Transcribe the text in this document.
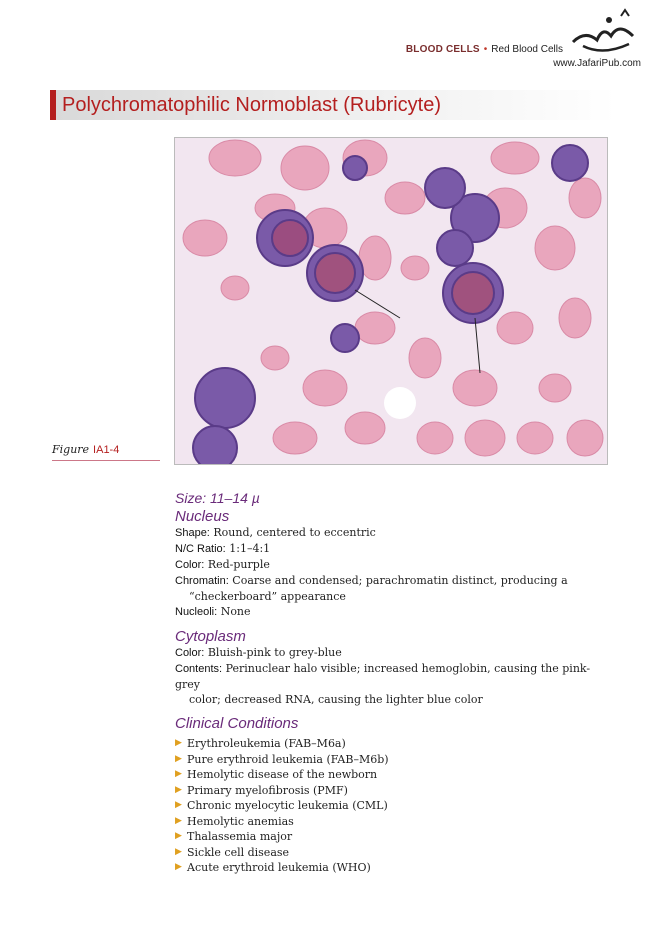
BLOOD CELLS • Red Blood Cells
www.JafariPub.com
Polychromatophilic Normoblast (Rubricyte)
Figure IA1-4
Size: 11–14 µ
Nucleus
Shape: Round, centered to eccentric
N/C Ratio: 1:1–4:1
Color: Red-purple
Chromatin: Coarse and condensed; parachromatin distinct, producing a
“checkerboard” appearance
Nucleoli: None
Cytoplasm
Color: Bluish-pink to grey-blue
Contents: Perinuclear halo visible; increased hemoglobin, causing the pink-grey
color; decreased RNA, causing the lighter blue color
Clinical Conditions
▶ Erythroleukemia (FAB–M6a)
▶ Pure erythroid leukemia (FAB–M6b)
▶ Hemolytic disease of the newborn
▶ Primary myelofibrosis (PMF)
▶ Chronic myelocytic leukemia (CML)
▶ Hemolytic anemias
▶ Thalassemia major
▶ Sickle cell disease
▶ Acute erythroid leukemia (WHO)
